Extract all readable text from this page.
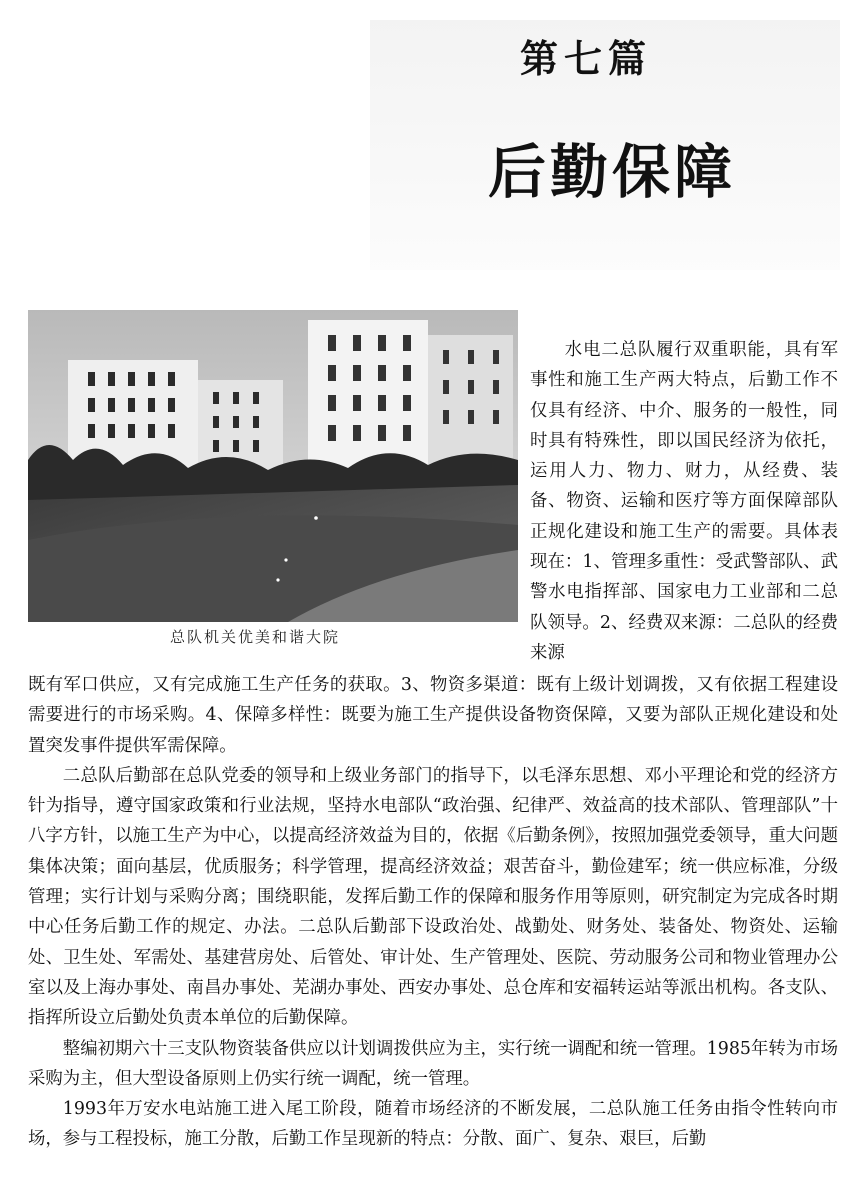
第七篇
后勤保障
总队机关优美和谐大院

水电二总队履行双重职能，具有军事性和施工生产两大特点，后勤工作不仅具有经济、中介、服务的一般性，同时具有特殊性，即以国民经济为依托，运用人力、物力、财力，从经费、装备、物资、运输和医疗等方面保障部队正规化建设和施工生产的需要。具体表现在：1、管理多重性：受武警部队、武警水电指挥部、国家电力工业部和二总队领导。2、经费双来源：二总队的经费来源

既有军口供应，又有完成施工生产任务的获取。3、物资多渠道：既有上级计划调拨，又有依据工程建设需要进行的市场采购。4、保障多样性：既要为施工生产提供设备物资保障，又要为部队正规化建设和处置突发事件提供军需保障。

二总队后勤部在总队党委的领导和上级业务部门的指导下，以毛泽东思想、邓小平理论和党的经济方针为指导，遵守国家政策和行业法规，坚持水电部队“政治强、纪律严、效益高的技术部队、管理部队”十八字方针，以施工生产为中心，以提高经济效益为目的，依据《后勤条例》，按照加强党委领导，重大问题集体决策；面向基层，优质服务；科学管理，提高经济效益；艰苦奋斗，勤俭建军；统一供应标准，分级管理；实行计划与采购分离；围绕职能，发挥后勤工作的保障和服务作用等原则，研究制定为完成各时期中心任务后勤工作的规定、办法。二总队后勤部下设政治处、战勤处、财务处、装备处、物资处、运输处、卫生处、军需处、基建营房处、后管处、审计处、生产管理处、医院、劳动服务公司和物业管理办公室以及上海办事处、南昌办事处、芜湖办事处、西安办事处、总仓库和安福转运站等派出机构。各支队、指挥所设立后勤处负责本单位的后勤保障。

整编初期六十三支队物资装备供应以计划调拨供应为主，实行统一调配和统一管理。1985年转为市场采购为主，但大型设备原则上仍实行统一调配，统一管理。

1993年万安水电站施工进入尾工阶段，随着市场经济的不断发展，二总队施工任务由指令性转向市场，参与工程投标，施工分散，后勤工作呈现新的特点：分散、面广、复杂、艰巨，后勤
